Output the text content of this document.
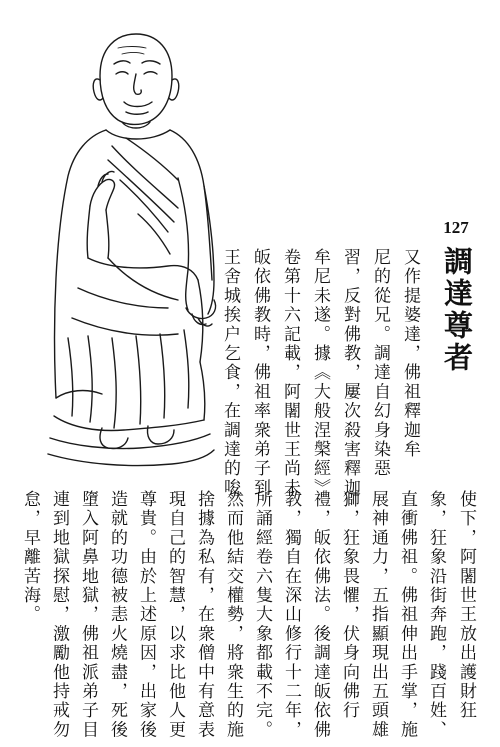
127
調達尊者
又作提婆達，佛祖釋迦牟
尼的從兄。調達自幻身染惡
習，反對佛教，屢次殺害釋迦
牟尼未遂。據《大般涅槃經》
卷第十六記載，阿闍世王尚未
皈依佛教時，佛祖率衆弟子到
王舍城挨户乞食，在調達的唆
使下，阿闍世王放出護財狂
象，狂象沿街奔跑，踐百姓、
直衝佛祖。佛祖伸出手掌，施
展神通力，五指顯現出五頭雄
獅，狂象畏懼，伏身向佛行
禮，皈依佛法。後調達皈依佛
教，獨自在深山修行十二年，
所誦經卷六隻大象都載不完。
然而他結交權勢，將衆生的施
捨據為私有，在衆僧中有意表
現自己的智慧，以求比他人更
尊貴。由於上述原因，出家後
造就的功德被恚火燒盡，死後
墮入阿鼻地獄，佛祖派弟子目
連到地獄探慰，激勵他持戒勿
怠，早離苦海。
